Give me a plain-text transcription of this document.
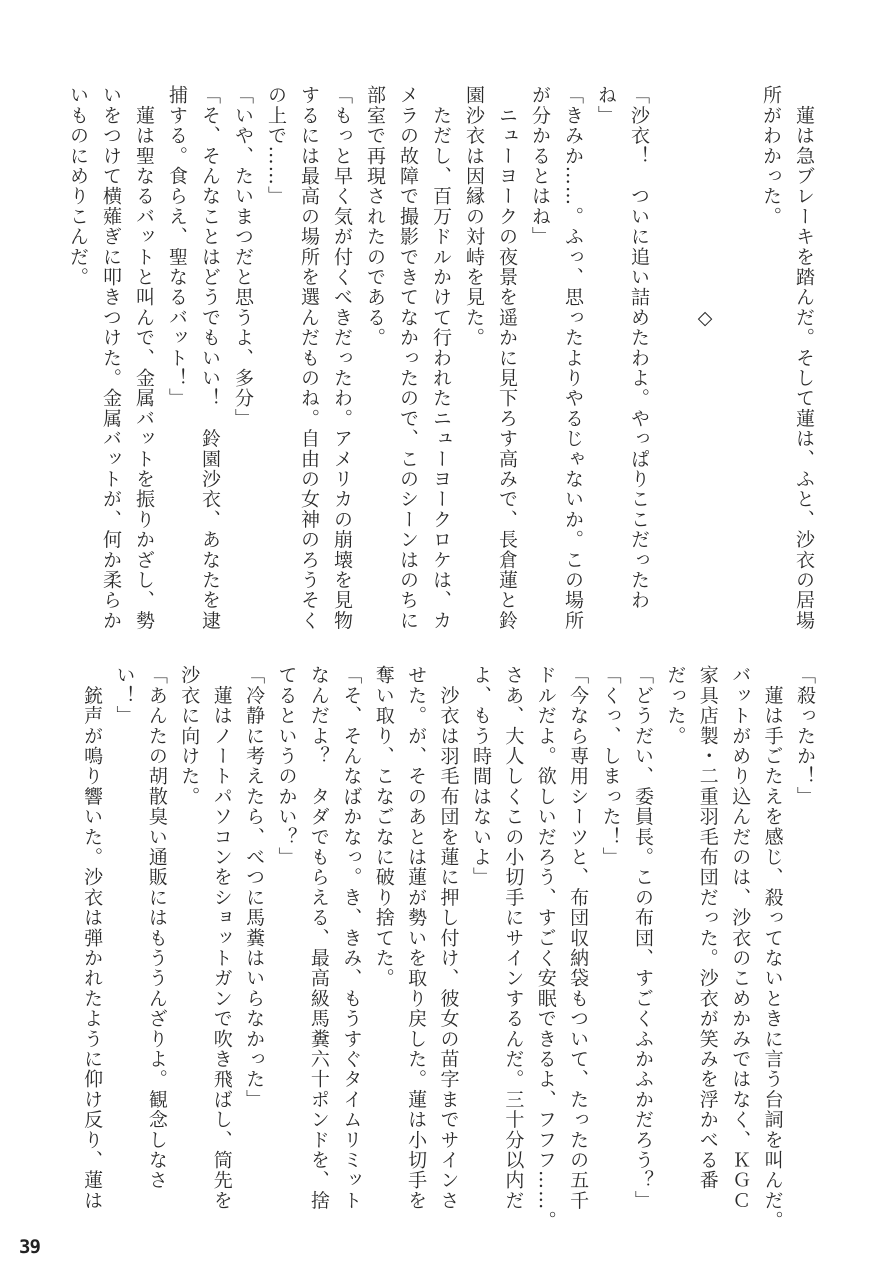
　蓮は急ブレーキを踏んだ。そして蓮は、ふと、沙衣の居場
所がわかった。

　　　　　　　　　　　◇

「沙衣！　ついに追い詰めたわよ。やっぱりここだったわ
ね」
「きみか……。ふっ、思ったよりやるじゃないか。この場所
が分かるとはね」
　ニューヨークの夜景を遥かに見下ろす高みで、長倉蓮と鈴
園沙衣は因縁の対峙を見た。
　ただし、百万ドルかけて行われたニューヨークロケは、カ
メラの故障で撮影できてなかったので、このシーンはのちに
部室で再現されたのである。
「もっと早く気が付くべきだったわ。アメリカの崩壊を見物
するには最高の場所を選んだものね。自由の女神のろうそく
の上で……」
「いや、たいまつだと思うよ、多分」
「そ、そんなことはどうでもいい！　鈴園沙衣、あなたを逮
捕する。食らえ、聖なるバット！」
　蓮は聖なるバットと叫んで、金属バットを振りかざし、勢
いをつけて横薙ぎに叩きつけた。金属バットが、何か柔らか
いものにめりこんだ。
「殺ったか！」
　蓮は手ごたえを感じ、殺ってないときに言う台詞を叫んだ。
バットがめり込んだのは、沙衣のこめかみではなく、ＫＧＣ
家具店製・二重羽毛布団だった。沙衣が笑みを浮かべる番
だった。
「どうだい、委員長。この布団、すごくふかふかだろう？」
「くっ、しまった！」
「今なら専用シーツと、布団収納袋もついて、たったの五千
ドルだよ。欲しいだろう、すごく安眠できるよ、フフフ……。
さあ、大人しくこの小切手にサインするんだ。三十分以内だ
よ、もう時間はないよ」
　沙衣は羽毛布団を蓮に押し付け、彼女の苗字までサインさ
せた。が、そのあとは蓮が勢いを取り戻した。蓮は小切手を
奪い取り、こなごなに破り捨てた。
「そ、そんなばかなっ。き、きみ、もうすぐタイムリミット
なんだよ？　タダでもらえる、最高級馬糞六十ポンドを、捨
てるというのかい？」
「冷静に考えたら、べつに馬糞はいらなかった」
　蓮はノートパソコンをショットガンで吹き飛ばし、筒先を
沙衣に向けた。
「あんたの胡散臭い通販にはもううんざりよ。観念しなさ
い！」
　銃声が鳴り響いた。沙衣は弾かれたように仰け反り、蓮は
39
